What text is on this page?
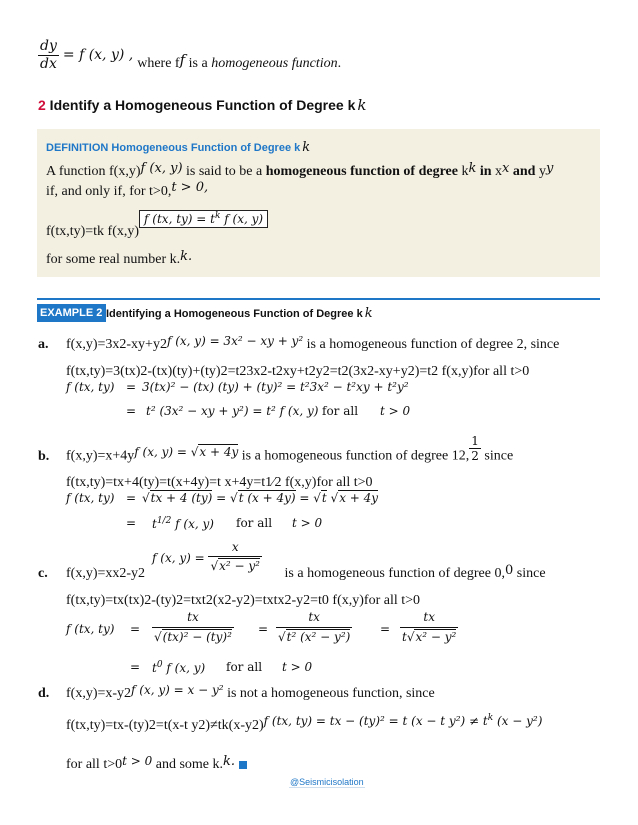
$\frac{dy}{dx} = f$ (x, y) , where ff is a homogeneous function.
2 Identify a Homogeneous Function of Degree k k
DEFINITION Homogeneous Function of Degree k k
A function f(x,y)f (x, y) is said to be a homogeneous function of degree kk in xx and yy
if, and only if, for t>0,t > 0,
f(tx,ty)=tk f(x,y)f (tx, $ty) = t^k$ f (x, y)
for some real number k.k.
EXAMPLE 2 Identifying a Homogeneous Function of Degree k k
a. f(x,y)=3x2-xy+y2f (x, y) = 3x² − xy + y² is a homogeneous function of degree 2, since
f(tx,ty)=3(tx)2-(tx)(ty)+(ty)2=t23x2-t2xy+t2y2=t2(3x2-xy+y2)=t2 f(x,y)for all t>0
f (tx, ty) = 3(tx)² − (tx) (ty) + (ty)² = t²3x² − t²xy + t²y²
= t² (3x² − xy + y²) = t² f (x, y) for all t > 0
b. f(x,y)=x+4yf (x, y) = √x + 4y is a homogeneous function of degree 12, $\frac{1}{2}$ since
f(tx,ty)=tx+4(ty)=t(x+4y)=t x+4y=t1⁄2 f(x,y)for all t>0
f (tx, ty) = √tx + 4 (ty) = √t (x + 4y) = √t √x + 4y
= $t^{1/2}$ f (x, y) for all t > 0
f (x, $y) = \frac{x}{\text{√x² − y²}}$
c. f(x,y)=xx2-y2	is a homogeneous function of degree 0,0 since
f(tx,ty)=tx(tx)2-(ty)2=txt2(x2-y2)=txtx2-y2=t0 f(x,y)for all t>0
f (tx, $ty) = \frac{tx}{\text{√(tx)² − (ty)²}} = \frac{tx}{\text{√t² (x² − y²)}} = \frac{tx}{\text{t√x² − y²}}$
= $t^0$ f (x, y) for all t > 0
d. f(x,y)=x-y2f (x, y) = x − y² is not a homogeneous function, since
f(tx,ty)=tx-(ty)2=t(x-t y2)≠tk(x-y2)f (tx, ty) = tx − (ty)² = t (x − t $y^2) \ne t^k$ (x − y²)
for all t>0t > 0 and some k.k.
@Seismicisolation
